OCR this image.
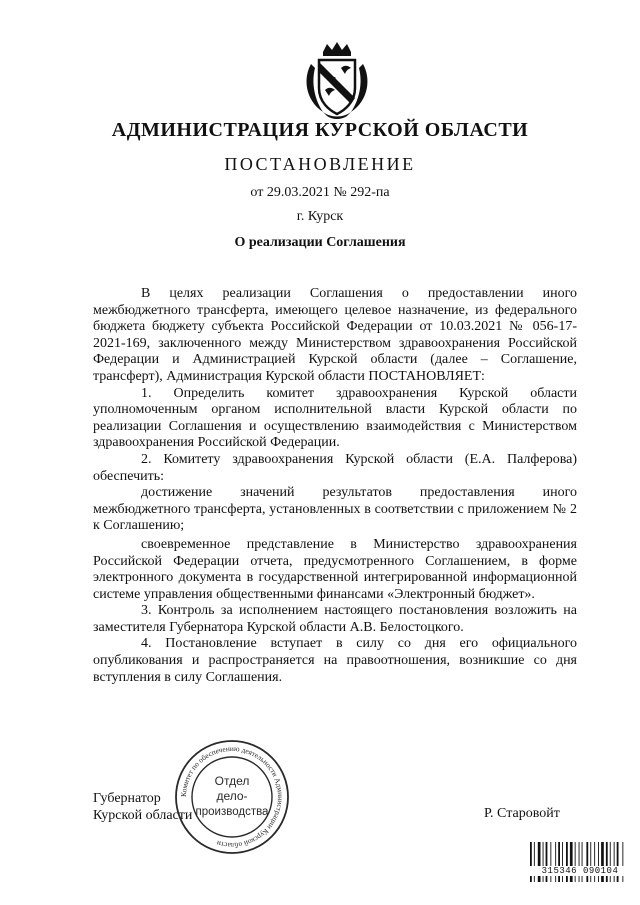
АДМИНИСТРАЦИЯ КУРСКОЙ ОБЛАСТИ
ПОСТАНОВЛЕНИЕ
от 29.03.2021 № 292-па
г. Курск
О реализации Соглашения

В целях реализации Соглашения о предоставлении иного межбюджетного трансферта, имеющего целевое назначение, из федерального бюджета бюджету субъекта Российской Федерации от 10.03.2021 № 056-17-2021-169, заключенного между Министерством здравоохранения Российской Федерации и Администрацией Курской области (далее – Соглашение, трансферт), Администрация Курской области ПОСТАНОВЛЯЕТ:

1. Определить комитет здравоохранения Курской области уполномоченным органом исполнительной власти Курской области по реализации Соглашения и осуществлению взаимодействия с Министерством здравоохранения Российской Федерации.

2. Комитету здравоохранения Курской области (Е.А. Палферова) обеспечить:

достижение значений результатов предоставления иного межбюджетного трансферта, установленных в соответствии с приложением № 2 к Соглашению;

своевременное представление в Министерство здравоохранения Российской Федерации отчета, предусмотренного Соглашением, в форме электронного документа в государственной интегрированной информационной системе управления общественными финансами «Электронный бюджет».

3. Контроль за исполнением настоящего постановления возложить на заместителя Губернатора Курской области А.В. Белостоцкого.

4. Постановление вступает в силу со дня его официального опубликования и распространяется на правоотношения, возникшие со дня вступления в силу Соглашения.

Губернатор
Курской области	Р. Старовойт
Комитет по обеспечению деятельности Администрации Курской области
Отдел
дело-
производства
315346 090104
